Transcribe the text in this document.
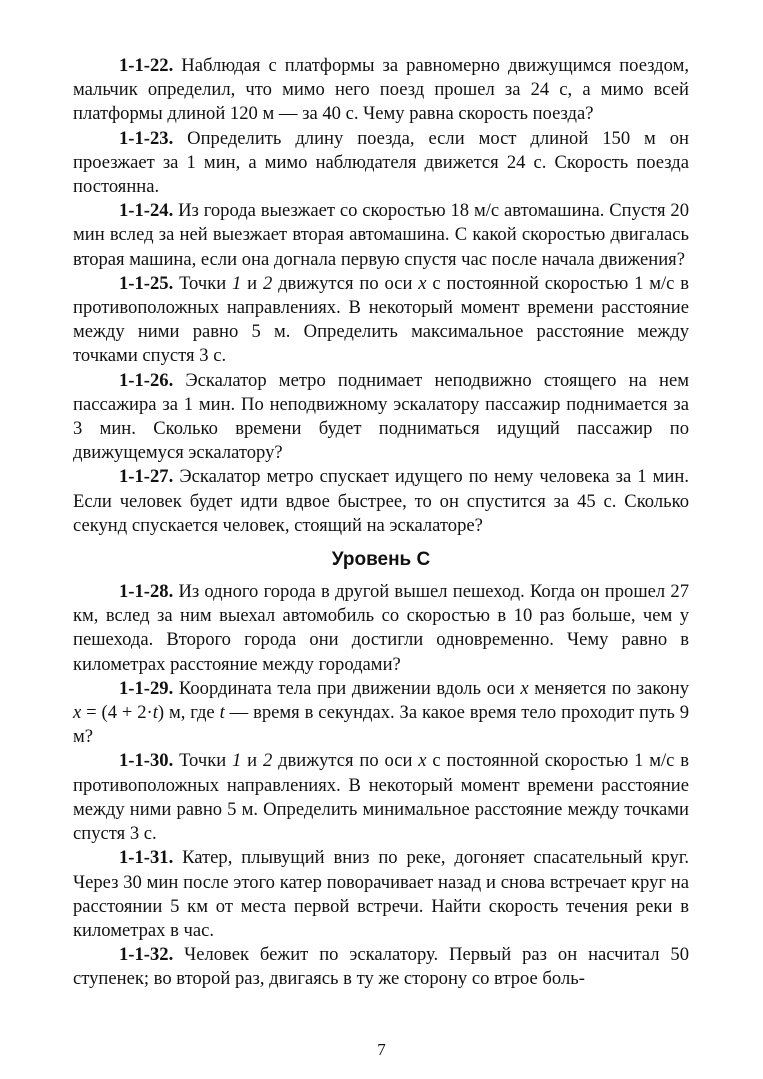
1-1-22. Наблюдая с платформы за равномерно движущимся поездом, мальчик определил, что мимо него поезд прошел за 24 с, а мимо всей платформы длиной 120 м — за 40 с. Чему равна скорость поезда?

1-1-23. Определить длину поезда, если мост длиной 150 м он проезжает за 1 мин, а мимо наблюдателя движется 24 с. Скорость поезда постоянна.

1-1-24. Из города выезжает со скоростью 18 м/с автомашина. Спустя 20 мин вслед за ней выезжает вторая автомашина. С какой скоростью двигалась вторая машина, если она догнала первую спустя час после начала движения?

1-1-25. Точки 1 и 2 движутся по оси x с постоянной скоростью 1 м/с в противоположных направлениях. В некоторый момент времени расстояние между ними равно 5 м. Определить максимальное расстояние между точками спустя 3 с.

1-1-26. Эскалатор метро поднимает неподвижно стоящего на нем пассажира за 1 мин. По неподвижному эскалатору пассажир поднимается за 3 мин. Сколько времени будет подниматься идущий пассажир по движущемуся эскалатору?

1-1-27. Эскалатор метро спускает идущего по нему человека за 1 мин. Если человек будет идти вдвое быстрее, то он спустится за 45 с. Сколько секунд спускается человек, стоящий на эскалаторе?

Уровень С

1-1-28. Из одного города в другой вышел пешеход. Когда он прошел 27 км, вслед за ним выехал автомобиль со скоростью в 10 раз больше, чем у пешехода. Второго города они достигли одновременно. Чему равно в километрах расстояние между городами?

1-1-29. Координата тела при движении вдоль оси x меняется по закону x = (4 + 2·t) м, где t — время в секундах. За какое время тело проходит путь 9 м?

1-1-30. Точки 1 и 2 движутся по оси x с постоянной скоростью 1 м/с в противоположных направлениях. В некоторый момент времени расстояние между ними равно 5 м. Определить минимальное расстояние между точками спустя 3 с.

1-1-31. Катер, плывущий вниз по реке, догоняет спасательный круг. Через 30 мин после этого катер поворачивает назад и снова встречает круг на расстоянии 5 км от места первой встречи. Найти скорость течения реки в километрах в час.

1-1-32. Человек бежит по эскалатору. Первый раз он насчитал 50 ступенек; во второй раз, двигаясь в ту же сторону со втрое боль-

7
